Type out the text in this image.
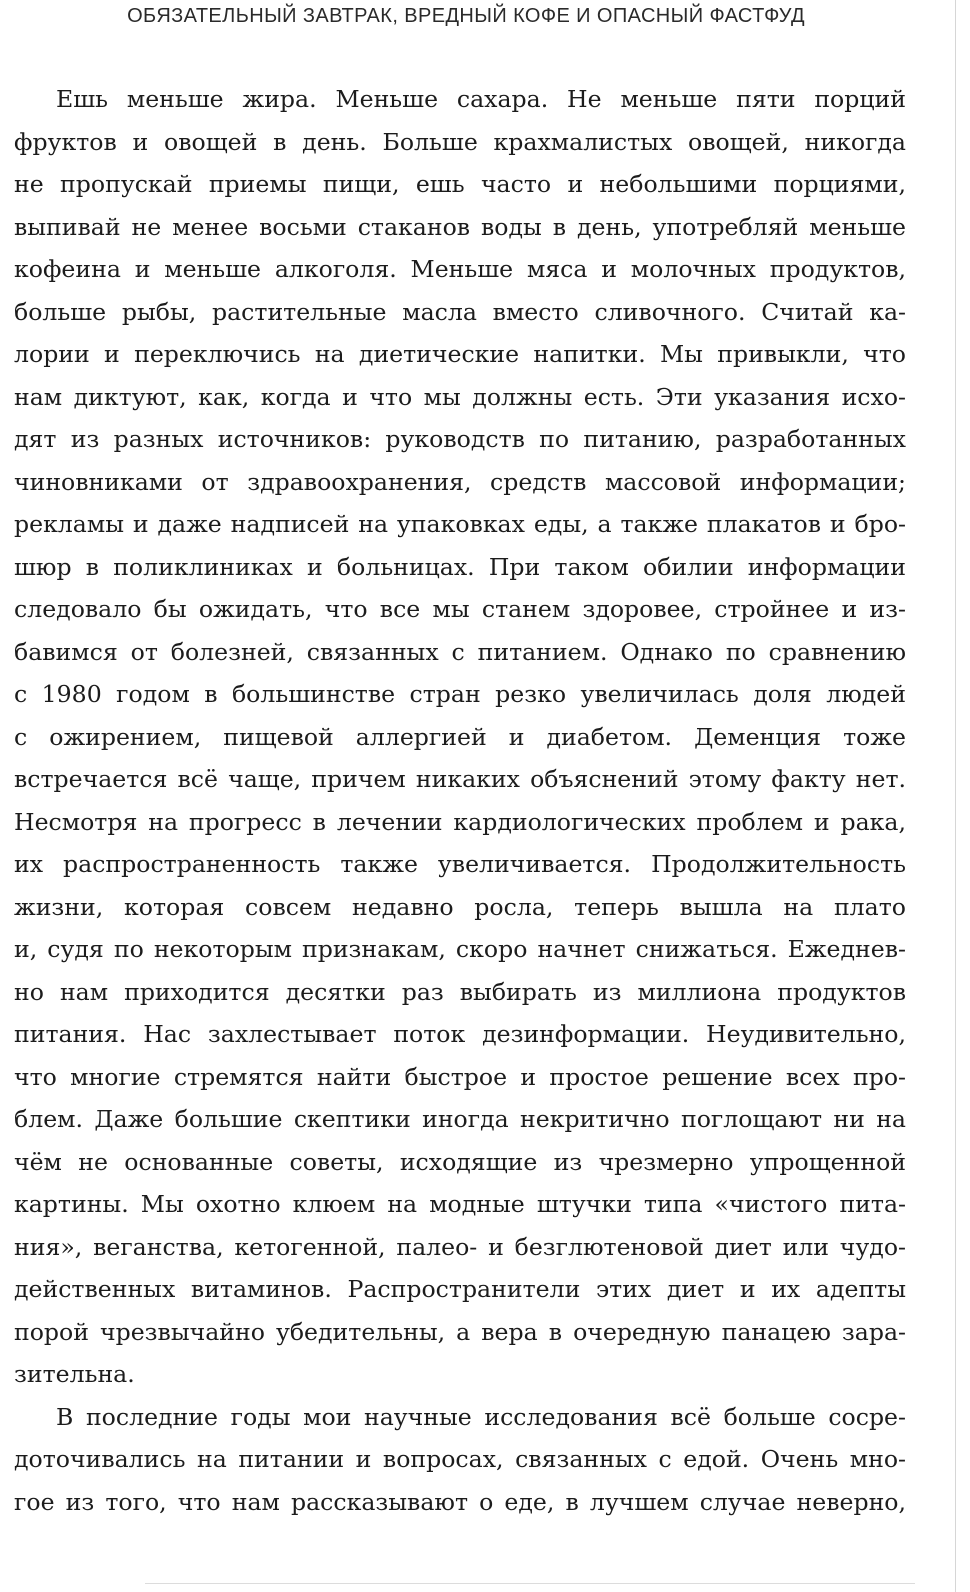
ОБЯЗАТЕЛЬНЫЙ ЗАВТРАК, ВРЕДНЫЙ КОФЕ И ОПАСНЫЙ ФАСТФУД
Ешь меньше жира. Меньше сахара. Не меньше пяти порций
фруктов и овощей в день. Больше крахмалистых овощей, никогда
не пропускай приемы пищи, ешь часто и небольшими порциями,
выпивай не менее восьми стаканов воды в день, употребляй меньше
кофеина и меньше алкоголя. Меньше мяса и молочных продуктов,
больше рыбы, растительные масла вместо сливочного. Считай ка-
лории и переключись на диетические напитки. Мы привыкли, что
нам диктуют, как, когда и что мы должны есть. Эти указания исхо-
дят из разных источников: руководств по питанию, разработанных
чиновниками от здравоохранения, средств массовой информации;
рекламы и даже надписей на упаковках еды, а также плакатов и бро-
шюр в поликлиниках и больницах. При таком обилии информации
следовало бы ожидать, что все мы станем здоровее, стройнее и из-
бавимся от болезней, связанных с питанием. Однако по сравнению
с 1980 годом в большинстве стран резко увеличилась доля людей
с ожирением, пищевой аллергией и диабетом. Деменция тоже
встречается всё чаще, причем никаких объяснений этому факту нет.
Несмотря на прогресс в лечении кардиологических проблем и рака,
их распространенность также увеличивается. Продолжительность
жизни, которая совсем недавно росла, теперь вышла на плато
и, судя по некоторым признакам, скоро начнет снижаться. Ежеднев-
но нам приходится десятки раз выбирать из миллиона продуктов
питания. Нас захлестывает поток дезинформации. Неудивительно,
что многие стремятся найти быстрое и простое решение всех про-
блем. Даже большие скептики иногда некритично поглощают ни на
чём не основанные советы, исходящие из чрезмерно упрощенной
картины. Мы охотно клюем на модные штучки типа «чистого пита-
ния», веганства, кетогенной, палео- и безглютеновой диет или чудо-
действенных витаминов. Распространители этих диет и их адепты
порой чрезвычайно убедительны, а вера в очередную панацею зара-
зительна.
В последние годы мои научные исследования всё больше сосре-
доточивались на питании и вопросах, связанных с едой. Очень мно-
гое из того, что нам рассказывают о еде, в лучшем случае неверно,
